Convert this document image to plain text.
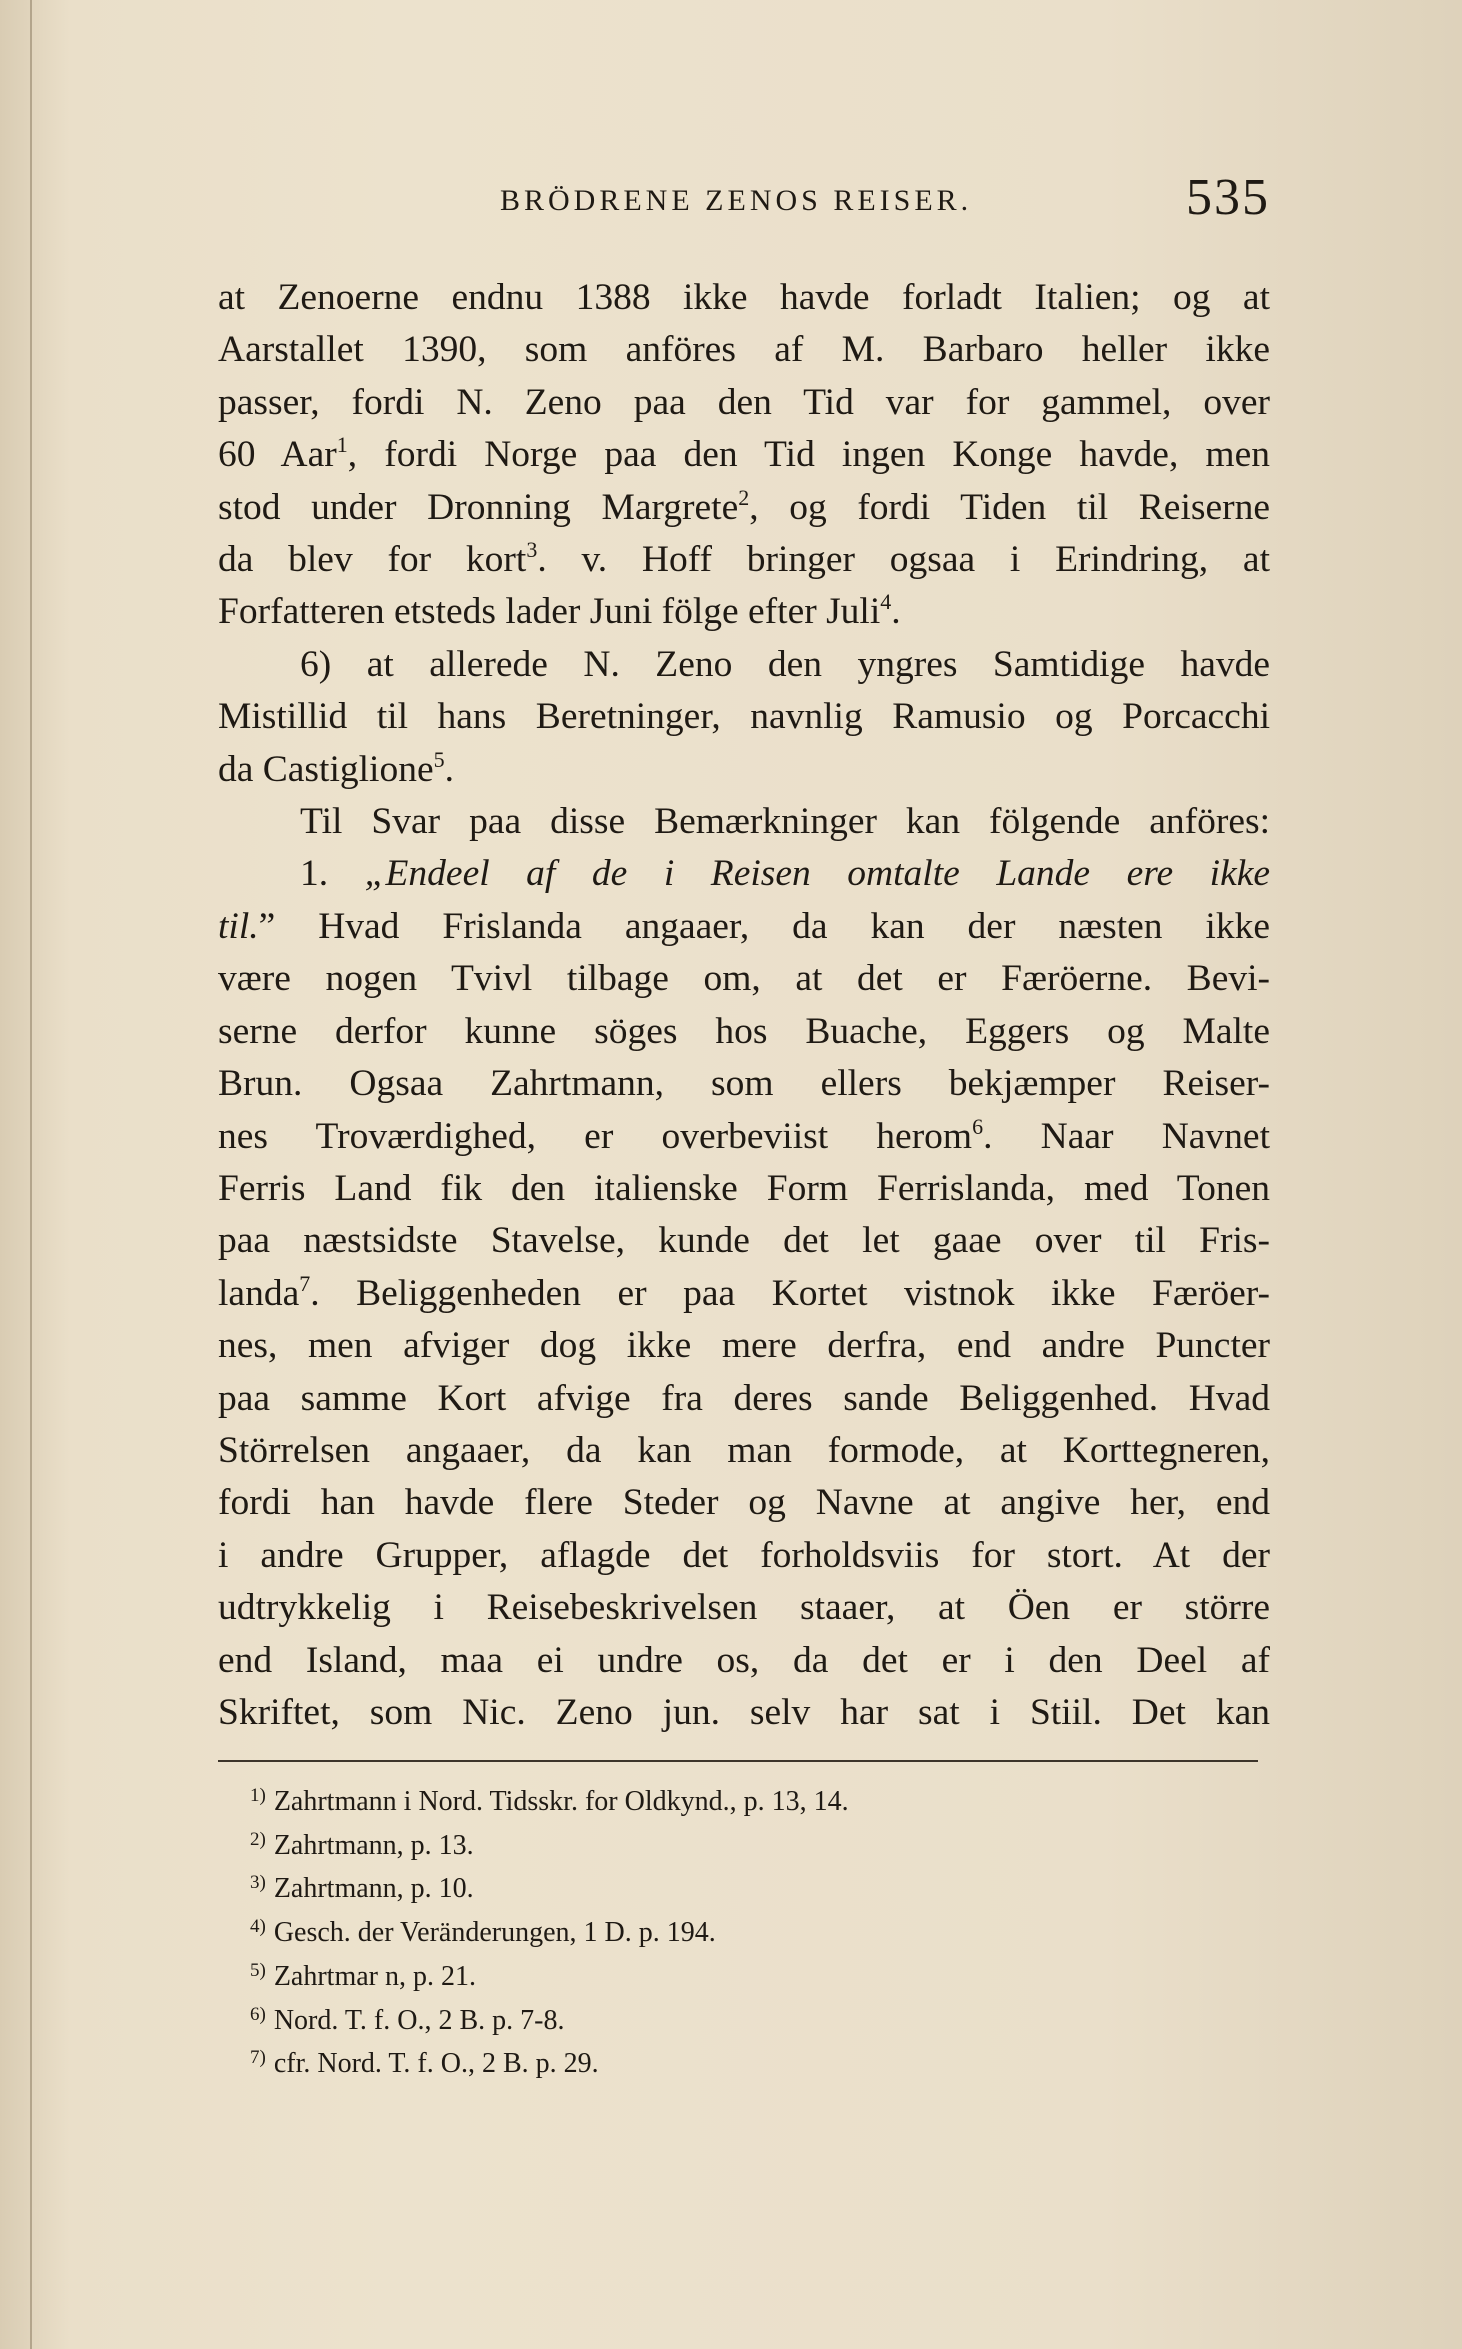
BRÖDRENE ZENOS REISER.	535
at Zenoerne endnu 1388 ikke havde forladt Italien; og at
Aarstallet 1390, som anföres af M. Barbaro heller ikke
passer, fordi N. Zeno paa den Tid var for gammel, over
60 Aar$^1$, fordi Norge paa den Tid ingen Konge havde, men
stod under Dronning Margrete$^2$, og fordi Tiden til Reiserne
da blev for kort$^3$. v. Hoff bringer ogsaa i Erindring, at
Forfatteren etsteds lader Juni fölge efter Juli$^4$.
6) at allerede N. Zeno den yngres Samtidige havde
Mistillid til hans Beretninger, navnlig Ramusio og Porcacchi
da Castiglione$^5$.
Til Svar paa disse Bemærkninger kan fölgende anföres:
1. „Endeel af de i Reisen omtalte Lande ere ikke
til.” Hvad Frislanda angaaer, da kan der næsten ikke
være nogen Tvivl tilbage om, at det er Færöerne. Bevi-
serne derfor kunne söges hos Buache, Eggers og Malte
Brun. Ogsaa Zahrtmann, som ellers bekjæmper Reiser-
nes Troværdighed, er overbeviist herom$^6$. Naar Navnet
Ferris Land fik den italienske Form Ferrislanda, med Tonen
paa næstsidste Stavelse, kunde det let gaae over til Fris-
landa$^7$. Beliggenheden er paa Kortet vistnok ikke Færöer-
nes, men afviger dog ikke mere derfra, end andre Puncter
paa samme Kort afvige fra deres sande Beliggenhed. Hvad
Störrelsen angaaer, da kan man formode, at Korttegneren,
fordi han havde flere Steder og Navne at angive her, end
i andre Grupper, aflagde det forholdsviis for stort. At der
udtrykkelig i Reisebeskrivelsen staaer, at Öen er större
end Island, maa ei undre os, da det er i den Deel af
Skriftet, som Nic. Zeno jun. selv har sat i Stiil. Det kan
$^{1)}$ Zahrtmann i Nord. Tidsskr. for Oldkynd., p. 13, 14.
$^{2)}$ Zahrtmann, p. 13.
$^{3)}$ Zahrtmann, p. 10.
$^{4)}$ Gesch. der Veränderungen, 1 D. p. 194.
$^{5)}$ Zahrtmar n, p. 21.
$^{6)}$ Nord. T. f. O., 2 B. p. 7-8.
$^{7)}$ cfr. Nord. T. f. O., 2 B. p. 29.
